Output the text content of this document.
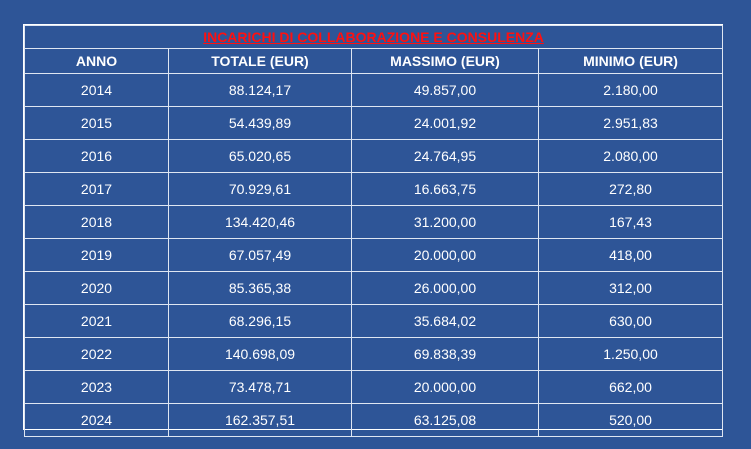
INCARICHI DI COLLABORAZIONE E CONSULENZA			
ANNO	TOTALE (EUR)	MASSIMO (EUR)	MINIMO (EUR)
2014	88.124,17	49.857,00	2.180,00
2015	54.439,89	24.001,92	2.951,83
2016	65.020,65	24.764,95	2.080,00
2017	70.929,61	16.663,75	272,80
2018	134.420,46	31.200,00	167,43
2019	67.057,49	20.000,00	418,00
2020	85.365,38	26.000,00	312,00
2021	68.296,15	35.684,02	630,00
2022	140.698,09	69.838,39	1.250,00
2023	73.478,71	20.000,00	662,00
2024	162.357,51	63.125,08	520,00
